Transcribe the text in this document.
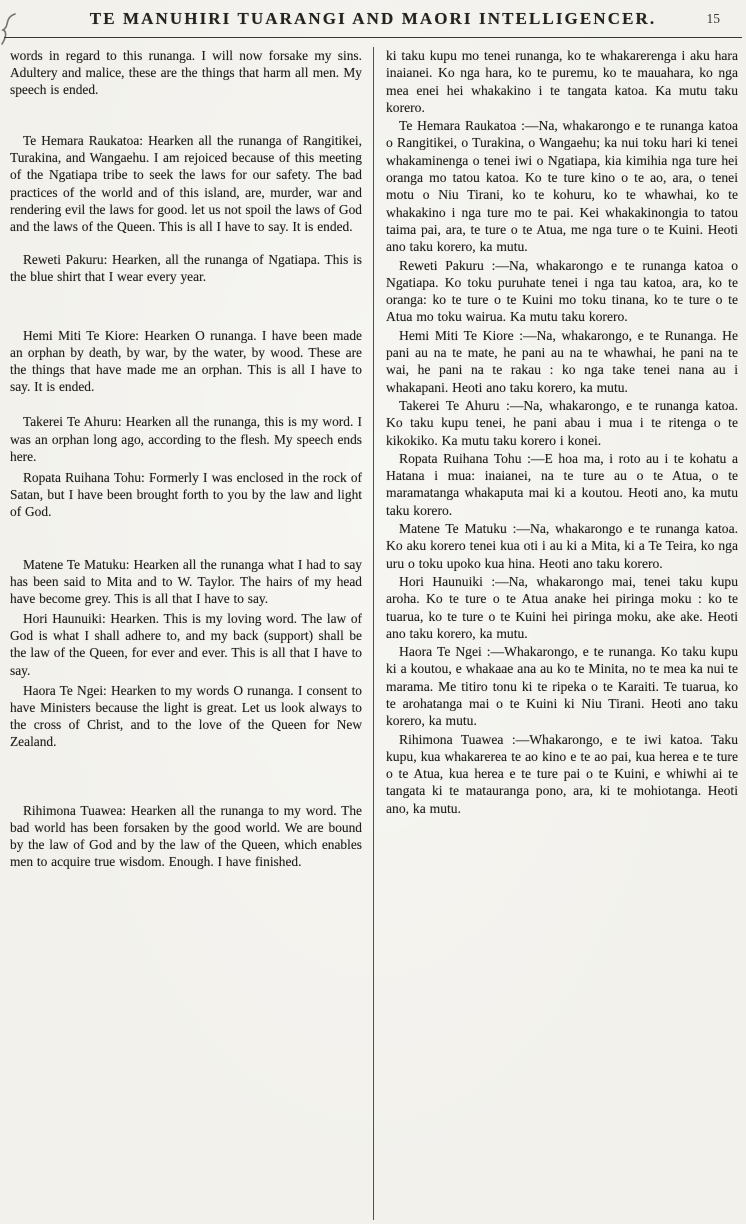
TE MANUHIRI TUARANGI AND MAORI INTELLIGENCER.	15

words in regard to this runanga. I will now forsake my sins. Adultery and malice, these are the things that harm all men. My speech is ended.

Te Hemara Raukatoa: Hearken all the runanga of Rangitikei, Turakina, and Wangaehu. I am rejoiced because of this meeting of the Ngatiapa tribe to seek the laws for our safety. The bad practices of the world and of this island, are, murder, war and rendering evil the laws for good. let us not spoil the laws of God and the laws of the Queen. This is all I have to say. It is ended.

Reweti Pakuru: Hearken, all the runanga of Ngatiapa. This is the blue shirt that I wear every year.

Hemi Miti Te Kiore: Hearken O runanga. I have been made an orphan by death, by war, by the water, by wood. These are the things that have made me an orphan. This is all I have to say. It is ended.

Takerei Te Ahuru: Hearken all the runanga, this is my word. I was an orphan long ago, according to the flesh. My speech ends here.

Ropata Ruihana Tohu: Formerly I was enclosed in the rock of Satan, but I have been brought forth to you by the law and light of God.

Matene Te Matuku: Hearken all the runanga what I had to say has been said to Mita and to W. Taylor. The hairs of my head have become grey. This is all that I have to say.

Hori Haunuiki: Hearken. This is my loving word. The law of God is what I shall adhere to, and my back (support) shall be the law of the Queen, for ever and ever. This is all that I have to say.

Haora Te Ngei: Hearken to my words O runanga. I consent to have Ministers because the light is great. Let us look always to the cross of Christ, and to the love of the Queen for New Zealand.

Rihimona Tuawea: Hearken all the runanga to my word. The bad world has been forsaken by the good world. We are bound by the law of God and by the law of the Queen, which enables men to acquire true wisdom. Enough. I have finished.

ki taku kupu mo tenei runanga, ko te whakarerenga i aku hara inaianei. Ko nga hara, ko te puremu, ko te mauahara, ko nga mea enei hei whakakino i te tangata katoa. Ka mutu taku korero.

Te Hemara Raukatoa :—Na, whakarongo e te runanga katoa o Rangitikei, o Turakina, o Wangaehu; ka nui toku hari ki tenei whakaminenga o tenei iwi o Ngatiapa, kia kimihia nga ture hei oranga mo tatou katoa. Ko te ture kino o te ao, ara, o tenei motu o Niu Tirani, ko te kohuru, ko te whawhai, ko te whakakino i nga ture mo te pai. Kei whakakinongia to tatou taima pai, ara, te ture o te Atua, me nga ture o te Kuini. Heoti ano taku korero, ka mutu.

Reweti Pakuru :—Na, whakarongo e te runanga katoa o Ngatiapa. Ko toku puruhate tenei i nga tau katoa, ara, ko te oranga: ko te ture o te Kuini mo toku tinana, ko te ture o te Atua mo toku wairua. Ka mutu taku korero.

Hemi Miti Te Kiore :—Na, whakarongo, e te Runanga. He pani au na te mate, he pani au na te whawhai, he pani na te wai, he pani na te rakau : ko nga take tenei nana au i whakapani. Heoti ano taku korero, ka mutu.

Takerei Te Ahuru :—Na, whakarongo, e te runanga katoa. Ko taku kupu tenei, he pani abau i mua i te ritenga o te kikokiko. Ka mutu taku korero i konei.

Ropata Ruihana Tohu :—E hoa ma, i roto au i te kohatu a Hatana i mua: inaianei, na te ture au o te Atua, o te maramatanga whakaputa mai ki a koutou. Heoti ano, ka mutu taku korero.

Matene Te Matuku :—Na, whakarongo e te runanga katoa. Ko aku korero tenei kua oti i au ki a Mita, ki a Te Teira, ko nga uru o toku upoko kua hina. Heoti ano taku korero.

Hori Haunuiki :—Na, whakarongo mai, tenei taku kupu aroha. Ko te ture o te Atua anake hei piringa moku : ko te tuarua, ko te ture o te Kuini hei piringa moku, ake ake. Heoti ano taku korero, ka mutu.

Haora Te Ngei :—Whakarongo, e te runanga. Ko taku kupu ki a koutou, e whakaae ana au ko te Minita, no te mea ka nui te marama. Me titiro tonu ki te ripeka o te Karaiti. Te tuarua, ko te arohatanga mai o te Kuini ki Niu Tirani. Heoti ano taku korero, ka mutu.

Rihimona Tuawea :—Whakarongo, e te iwi katoa. Taku kupu, kua whakarerea te ao kino e te ao pai, kua herea e te ture o te Atua, kua herea e te ture pai o te Kuini, e whiwhi ai te tangata ki te matauranga pono, ara, ki te mohiotanga. Heoti ano, ka mutu.
